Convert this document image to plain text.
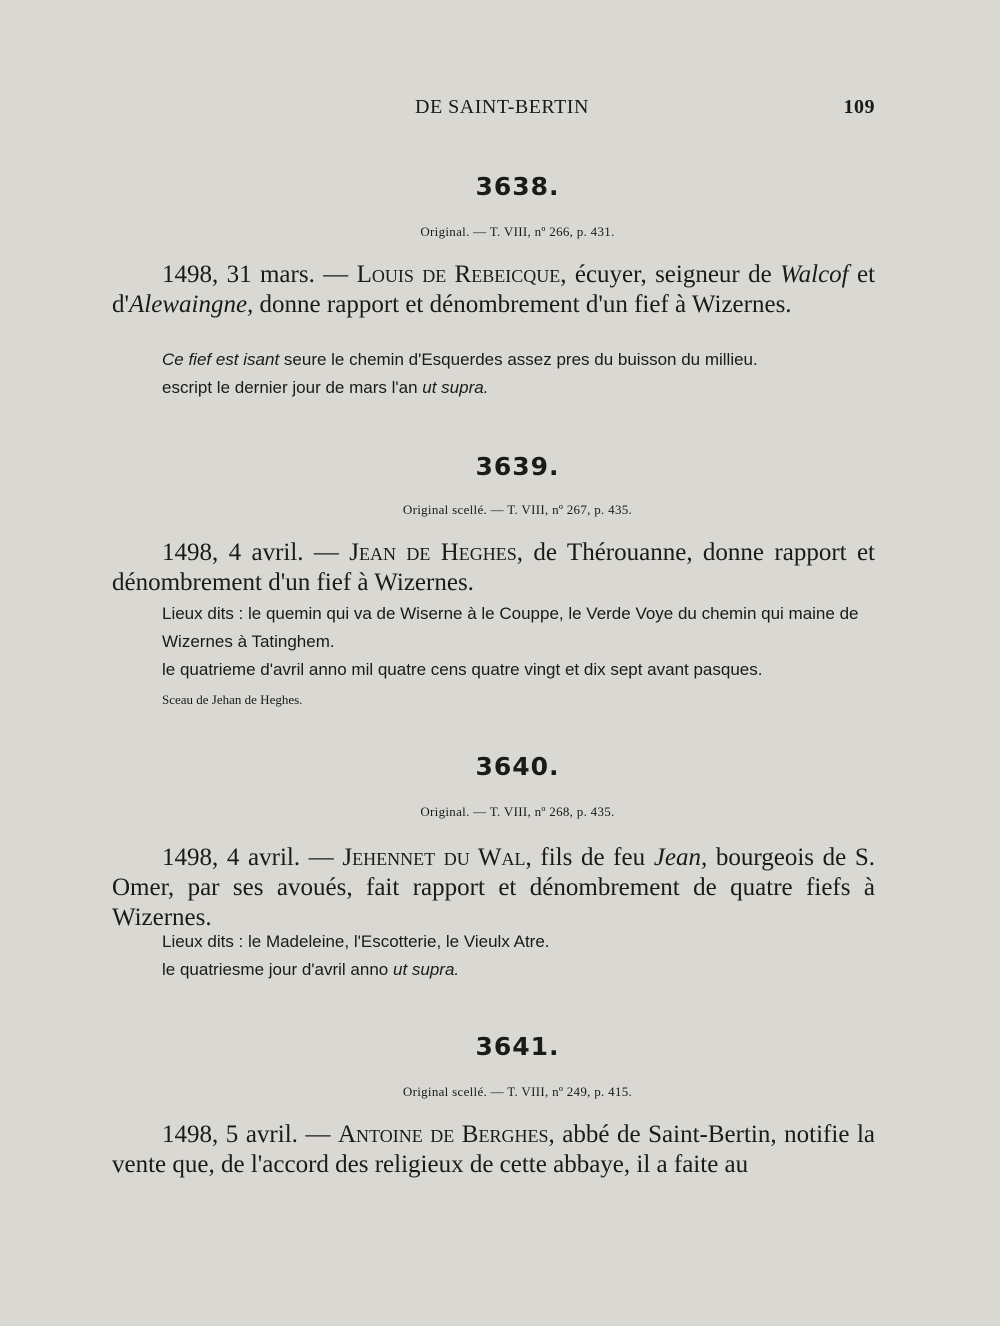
DE SAINT-BERTIN	109
3638.
Original. — T. VIII, nº 266, p. 431.
1498, 31 mars. — Louis de Rebeicque, écuyer, seigneur de Walcof et d'Alewaingne, donne rapport et dénombrement d'un fief à Wizernes.
Ce fief est isant seure le chemin d'Esquerdes assez pres du buisson du millieu.
escript le dernier jour de mars l'an ut supra.
3639.
Original scellé. — T. VIII, nº 267, p. 435.
1498, 4 avril. — Jean de Heghes, de Thérouanne, donne rapport et dénombrement d'un fief à Wizernes.
Lieux dits : le quemin qui va de Wiserne à le Couppe, le Verde Voye du chemin qui maine de Wizernes à Tatinghem.
le quatrieme d'avril anno mil quatre cens quatre vingt et dix sept avant pasques.
Sceau de Jehan de Heghes.
3640.
Original. — T. VIII, nº 268, p. 435.
1498, 4 avril. — Jehennet du Wal, fils de feu Jean, bourgeois de S. Omer, par ses avoués, fait rapport et dénombrement de quatre fiefs à Wizernes.
Lieux dits : le Madeleine, l'Escotterie, le Vieulx Atre.
le quatriesme jour d'avril anno ut supra.
3641.
Original scellé. — T. VIII, nº 249, p. 415.
1498, 5 avril. — Antoine de Berghes, abbé de Saint-Bertin, notifie la vente que, de l'accord des religieux de cette abbaye, il a faite au
